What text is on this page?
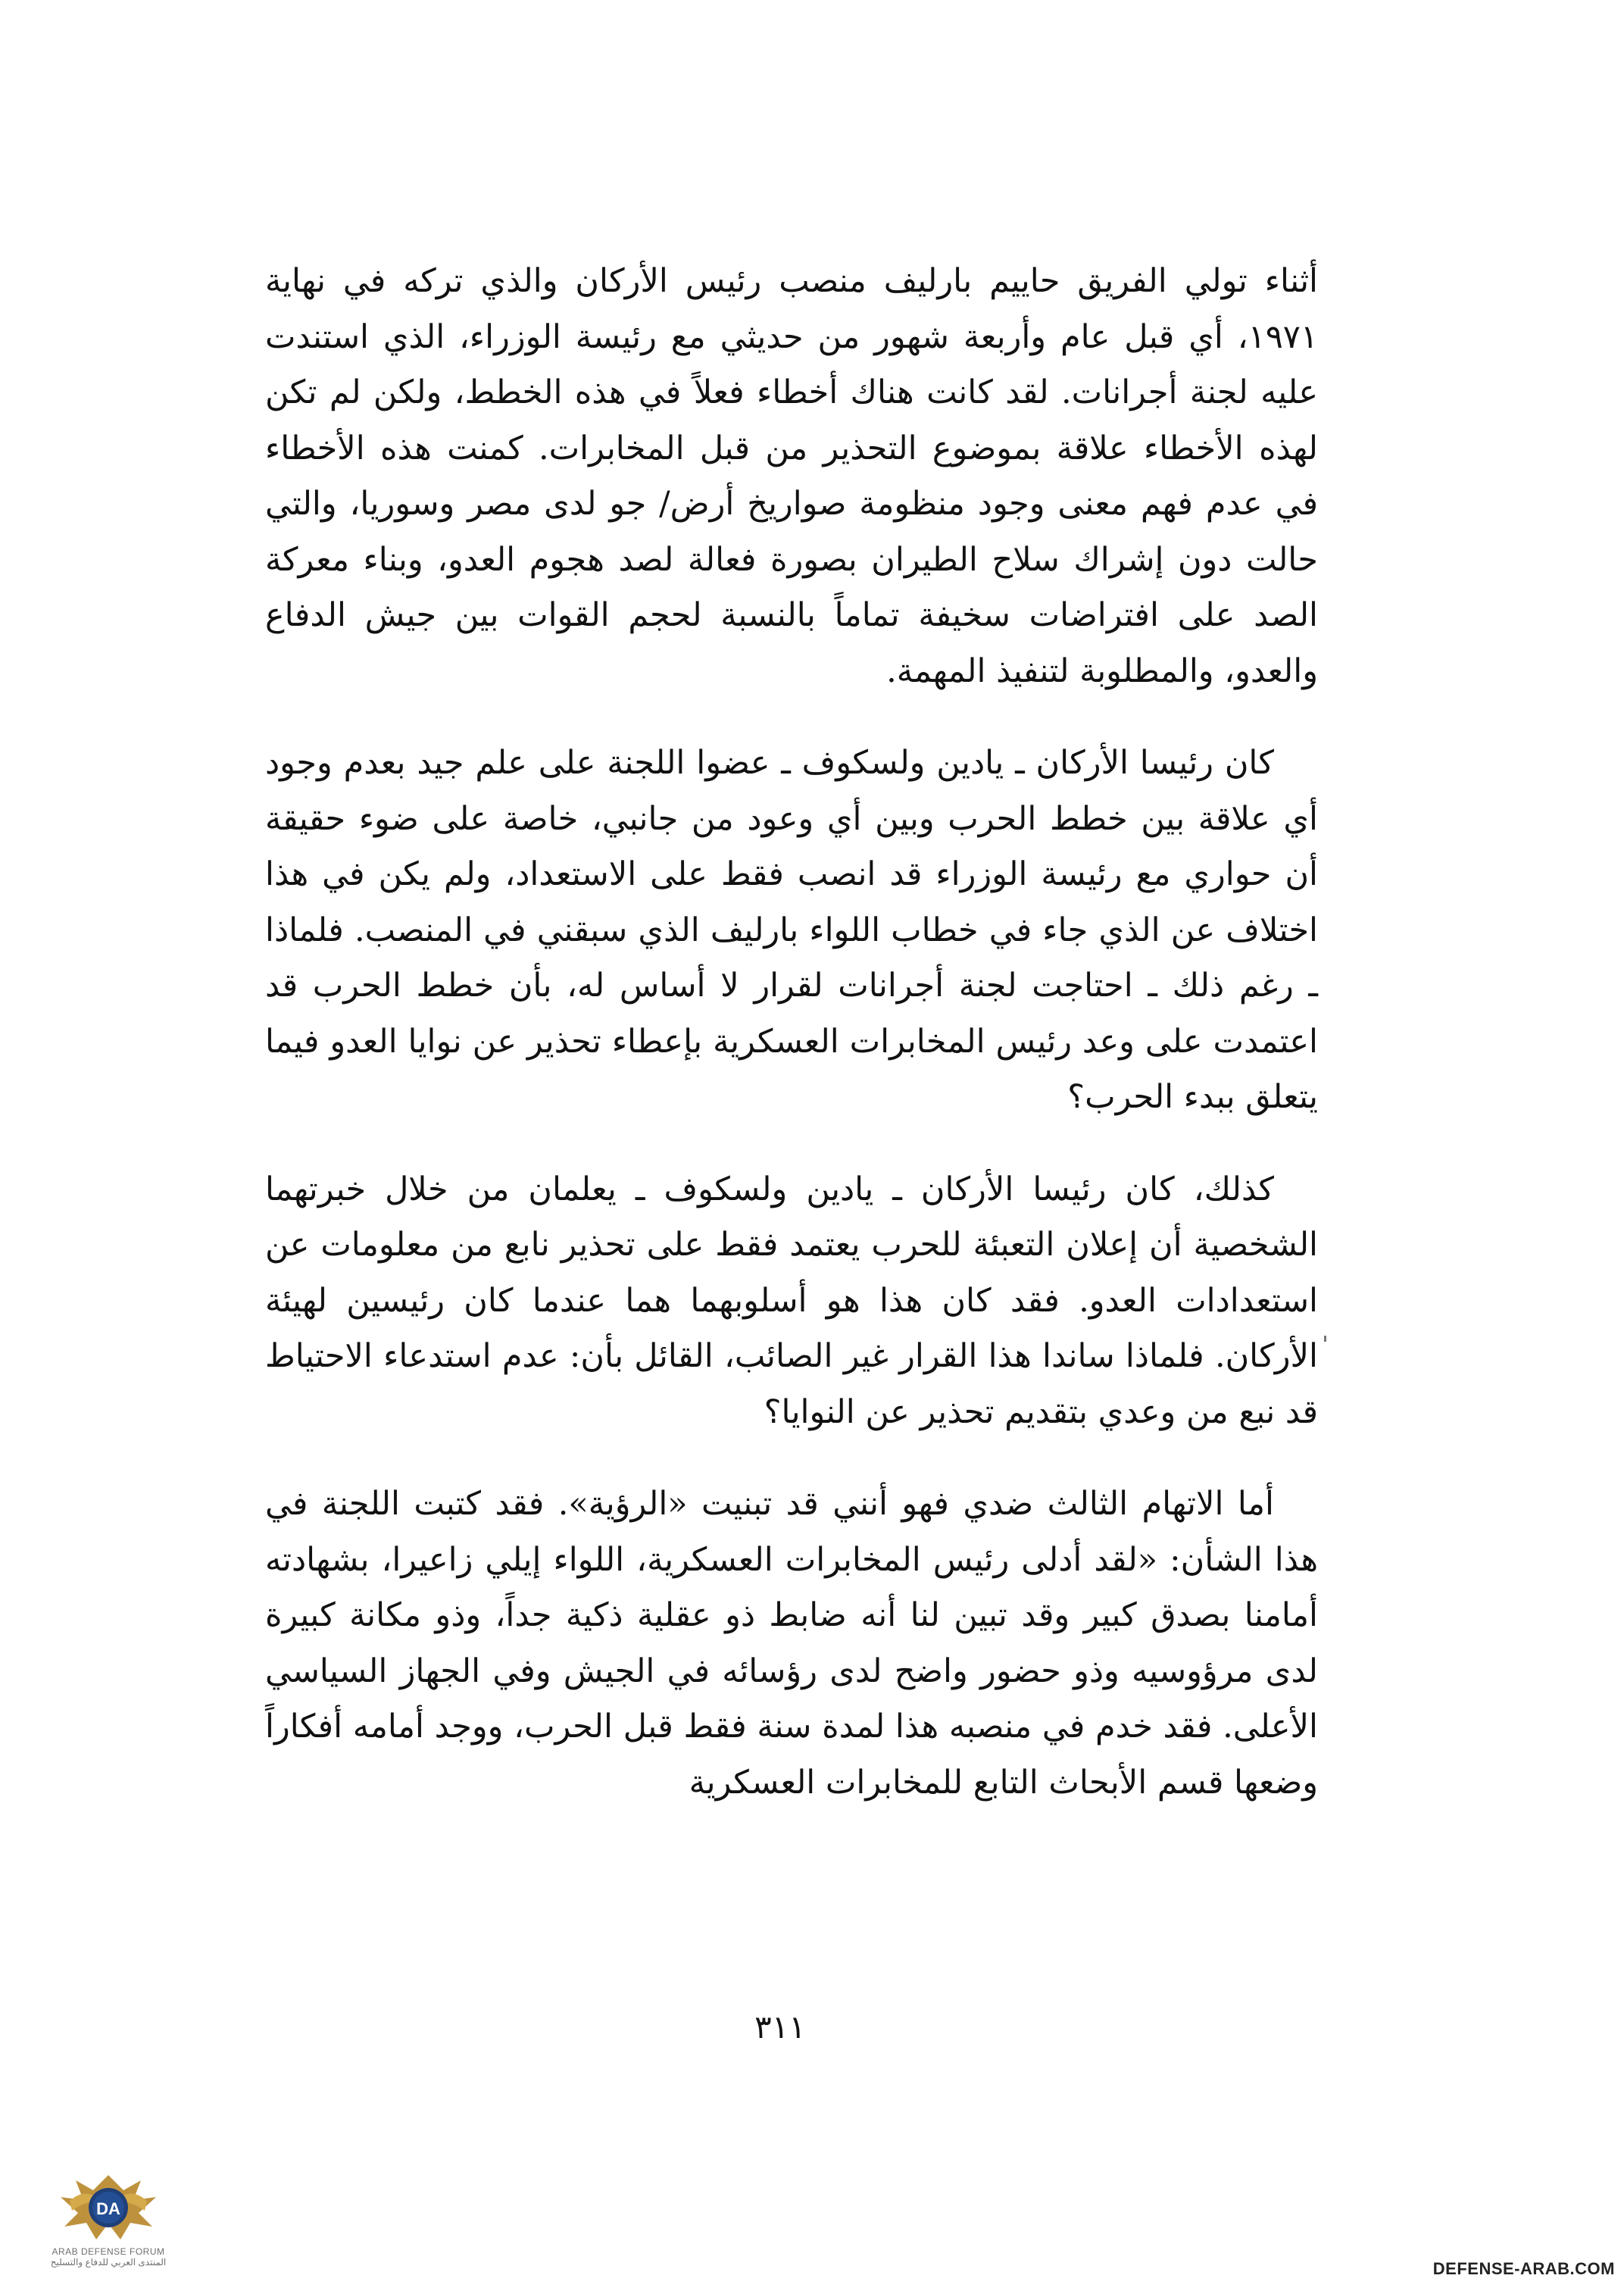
أثناء تولي الفريق حاييم بارليف منصب رئيس الأركان والذي تركه في نهاية ١٩٧١، أي قبل عام وأربعة شهور من حديثي مع رئيسة الوزراء، الذي استندت عليه لجنة أجرانات. لقد كانت هناك أخطاء فعلاً في هذه الخطط، ولكن لم تكن لهذه الأخطاء علاقة بموضوع التحذير من قبل المخابرات. كمنت هذه الأخطاء في عدم فهم معنى وجود منظومة صواريخ أرض/ جو لدى مصر وسوريا، والتي حالت دون إشراك سلاح الطيران بصورة فعالة لصد هجوم العدو، وبناء معركة الصد على افتراضات سخيفة تماماً بالنسبة لحجم القوات بين جيش الدفاع والعدو، والمطلوبة لتنفيذ المهمة.

كان رئيسا الأركان ـ يادين ولسكوف ـ عضوا اللجنة على علم جيد بعدم وجود أي علاقة بين خطط الحرب وبين أي وعود من جانبي، خاصة على ضوء حقيقة أن حواري مع رئيسة الوزراء قد انصب فقط على الاستعداد، ولم يكن في هذا اختلاف عن الذي جاء في خطاب اللواء بارليف الذي سبقني في المنصب. فلماذا ـ رغم ذلك ـ احتاجت لجنة أجرانات لقرار لا أساس له، بأن خطط الحرب قد اعتمدت على وعد رئيس المخابرات العسكرية بإعطاء تحذير عن نوايا العدو فيما يتعلق ببدء الحرب؟

كذلك، كان رئيسا الأركان ـ يادين ولسكوف ـ يعلمان من خلال خبرتهما الشخصية أن إعلان التعبئة للحرب يعتمد فقط على تحذير نابع من معلومات عن استعدادات العدو. فقد كان هذا هو أسلوبهما هما عندما كان رئيسين لهيئة الأركان. فلماذا ساندا هذا القرار غير الصائب، القائل بأن: عدم استدعاء الاحتياط قد نبع من وعدي بتقديم تحذير عن النوايا؟

أما الاتهام الثالث ضدي فهو أنني قد تبنيت «الرؤية». فقد كتبت اللجنة في هذا الشأن: «لقد أدلى رئيس المخابرات العسكرية، اللواء إيلي زاعيرا، بشهادته أمامنا بصدق كبير وقد تبين لنا أنه ضابط ذو عقلية ذكية جداً، وذو مكانة كبيرة لدى مرؤوسيه وذو حضور واضح لدى رؤسائه في الجيش وفي الجهاز السياسي الأعلى. فقد خدم في منصبه هذا لمدة سنة فقط قبل الحرب، ووجد أمامه أفكاراً وضعها قسم الأبحاث التابع للمخابرات العسكرية

٣١١
DA
ARAB DEFENSE FORUM
المنتدى العربي للدفاع والتسليح	DEFENSE-ARAB.COM
